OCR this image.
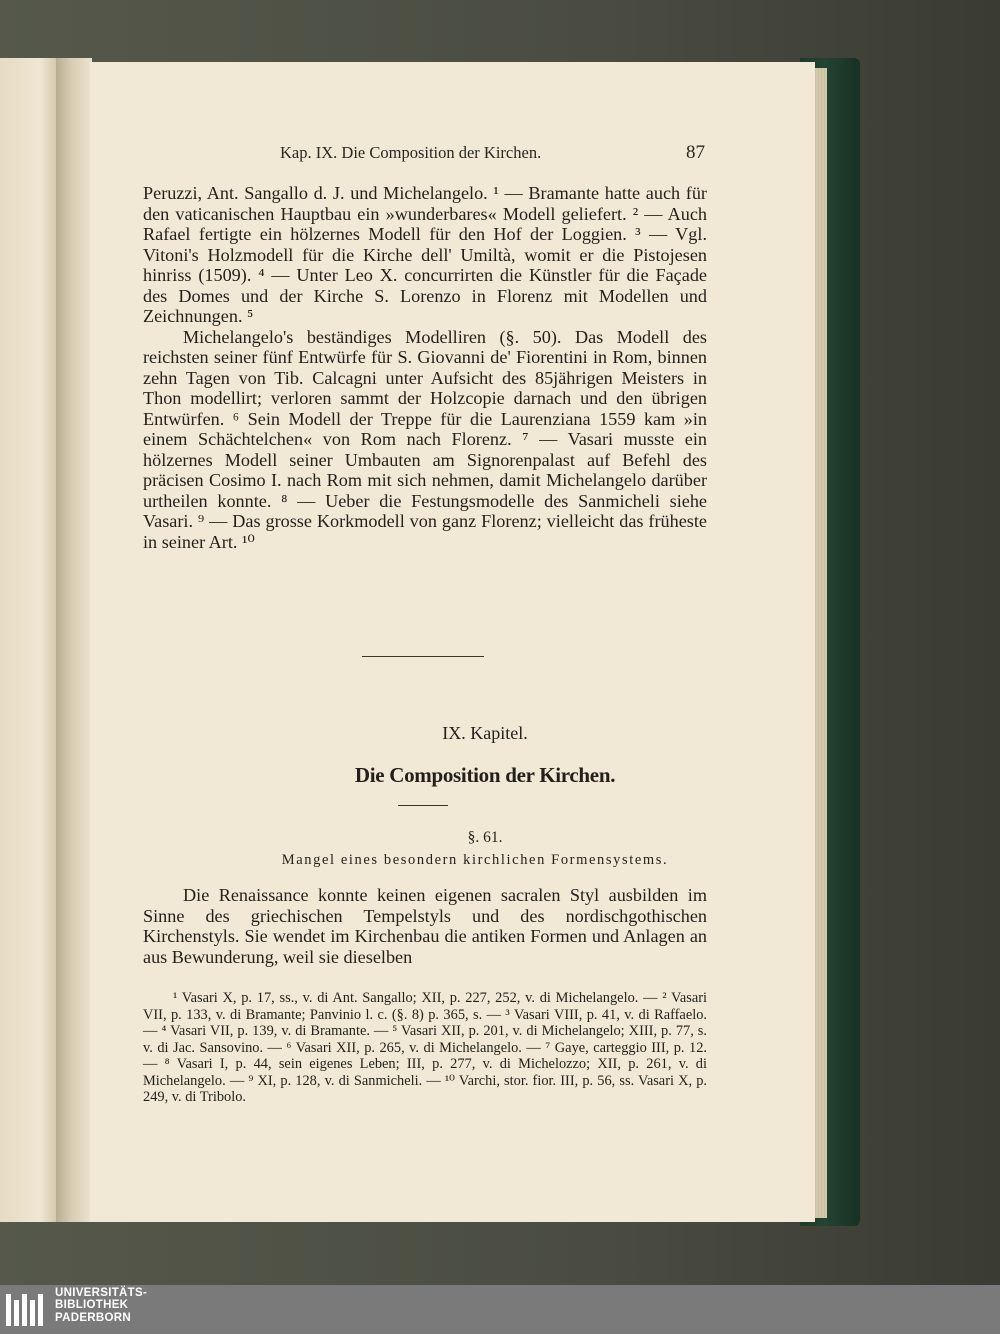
Kap. IX. Die Composition der Kirchen.	87

Peruzzi, Ant. Sangallo d. J. und Michelangelo. ¹ — Bramante hatte auch für den vaticanischen Hauptbau ein »wunderbares« Modell geliefert. ² — Auch Rafael fertigte ein hölzernes Modell für den Hof der Loggien. ³ — Vgl. Vitoni's Holzmodell für die Kirche dell' Umiltà, womit er die Pistojesen hinriss (1509). ⁴ — Unter Leo X. concurrirten die Künstler für die Façade des Domes und der Kirche S. Lorenzo in Florenz mit Modellen und Zeichnungen. ⁵

Michelangelo's beständiges Modelliren (§. 50). Das Modell des reichsten seiner fünf Entwürfe für S. Giovanni de' Fiorentini in Rom, binnen zehn Tagen von Tib. Calcagni unter Aufsicht des 85jährigen Meisters in Thon modellirt; verloren sammt der Holzcopie darnach und den übrigen Entwürfen. ⁶ Sein Modell der Treppe für die Laurenziana 1559 kam »in einem Schächtelchen« von Rom nach Florenz. ⁷ — Vasari musste ein hölzernes Modell seiner Umbauten am Signorenpalast auf Befehl des präcisen Cosimo I. nach Rom mit sich nehmen, damit Michelangelo darüber urtheilen konnte. ⁸ — Ueber die Festungsmodelle des Sanmicheli siehe Vasari. ⁹ — Das grosse Korkmodell von ganz Florenz; vielleicht das früheste in seiner Art. ¹⁰

IX. Kapitel.
Die Composition der Kirchen.
§. 61.
Mangel eines besondern kirchlichen Formensystems.

Die Renaissance konnte keinen eigenen sacralen Styl ausbilden im Sinne des griechischen Tempelstyls und des nordischgothischen Kirchenstyls. Sie wendet im Kirchenbau die antiken Formen und Anlagen an aus Bewunderung, weil sie dieselben

¹ Vasari X, p. 17, ss., v. di Ant. Sangallo; XII, p. 227, 252, v. di Michelangelo. — ² Vasari VII, p. 133, v. di Bramante; Panvinio l. c. (§. 8) p. 365, s. — ³ Vasari VIII, p. 41, v. di Raffaelo. — ⁴ Vasari VII, p. 139, v. di Bramante. — ⁵ Vasari XII, p. 201, v. di Michelangelo; XIII, p. 77, s. v. di Jac. Sansovino. — ⁶ Vasari XII, p. 265, v. di Michelangelo. — ⁷ Gaye, carteggio III, p. 12. — ⁸ Vasari I, p. 44, sein eigenes Leben; III, p. 277, v. di Michelozzo; XII, p. 261, v. di Michelangelo. — ⁹ XI, p. 128, v. di Sanmicheli. — ¹⁰ Varchi, stor. fior. III, p. 56, ss. Vasari X, p. 249, v. di Tribolo.

UNIVERSITÄTS-
BIBLIOTHEK
PADERBORN
